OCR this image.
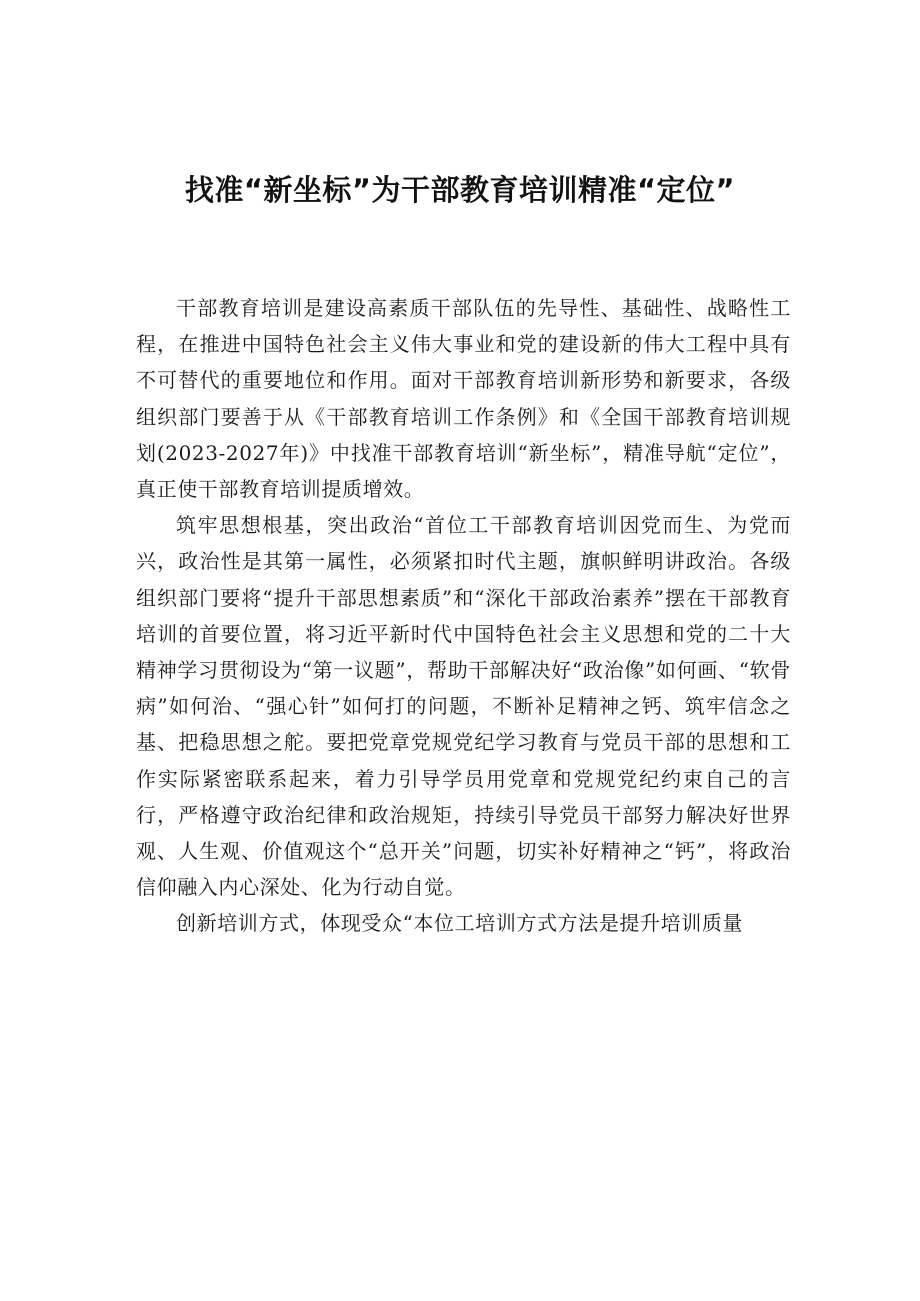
找准“新坐标”为干部教育培训精准“定位”

干部教育培训是建设高素质干部队伍的先导性、基础性、战略性工程，在推进中国特色社会主义伟大事业和党的建设新的伟大工程中具有不可替代的重要地位和作用。面对干部教育培训新形势和新要求，各级组织部门要善于从《干部教育培训工作条例》和《全国干部教育培训规划(2023-2027年)》中找准干部教育培训“新坐标”，精准导航“定位”，真正使干部教育培训提质增效。

筑牢思想根基，突出政治“首位工干部教育培训因党而生、为党而兴，政治性是其第一属性，必须紧扣时代主题，旗帜鲜明讲政治。各级组织部门要将“提升干部思想素质”和“深化干部政治素养”摆在干部教育培训的首要位置，将习近平新时代中国特色社会主义思想和党的二十大精神学习贯彻设为“第一议题”，帮助干部解决好“政治像”如何画、“软骨病”如何治、“强心针”如何打的问题，不断补足精神之钙、筑牢信念之基、把稳思想之舵。要把党章党规党纪学习教育与党员干部的思想和工作实际紧密联系起来，着力引导学员用党章和党规党纪约束自己的言行，严格遵守政治纪律和政治规矩，持续引导党员干部努力解决好世界观、人生观、价值观这个“总开关”问题，切实补好精神之“钙”，将政治信仰融入内心深处、化为行动自觉。

创新培训方式，体现受众“本位工培训方式方法是提升培训质量
